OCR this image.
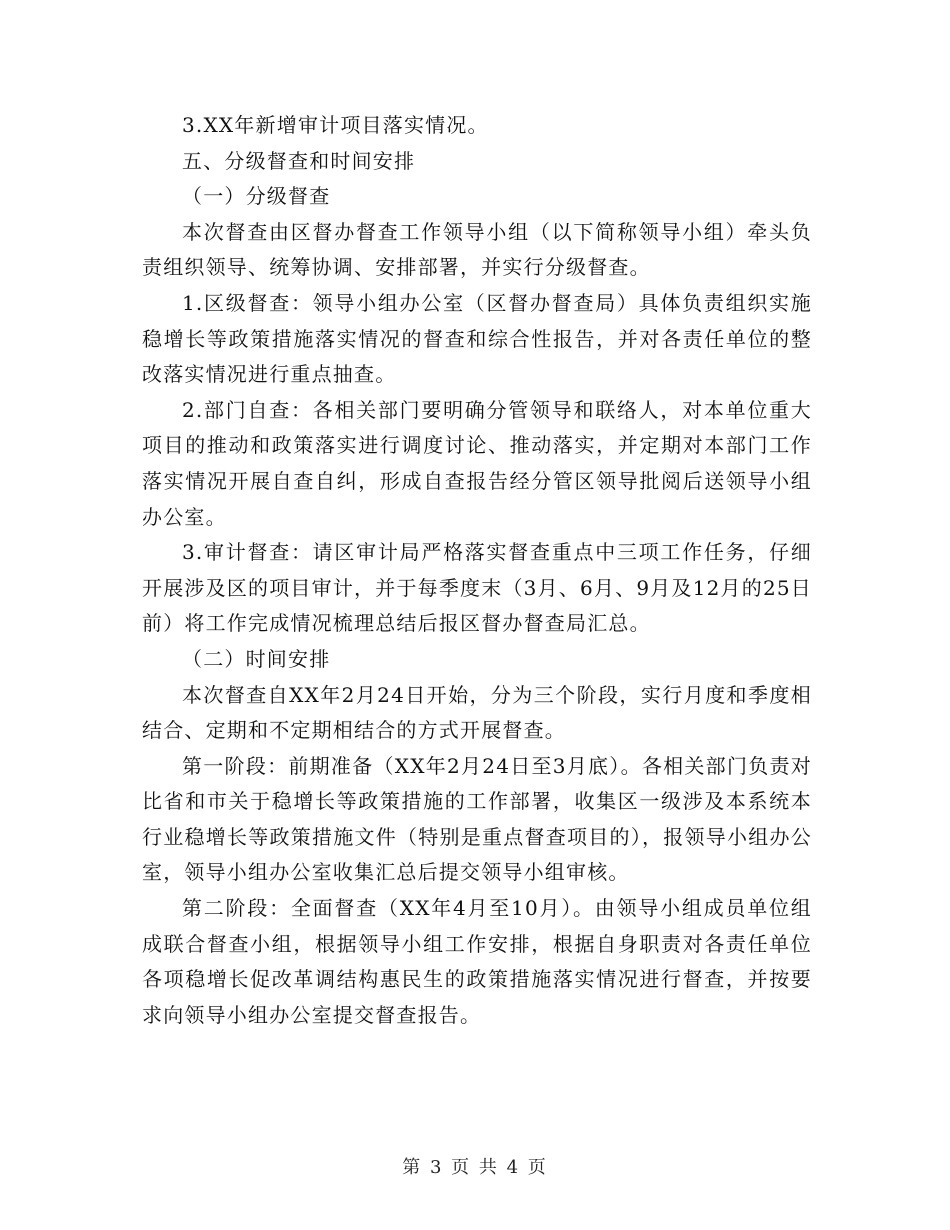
3.XX年新增审计项目落实情况。

五、分级督查和时间安排

（一）分级督查

本次督查由区督办督查工作领导小组（以下简称领导小组）牵头负责组织领导、统筹协调、安排部署，并实行分级督查。

1.区级督查：领导小组办公室（区督办督查局）具体负责组织实施稳增长等政策措施落实情况的督查和综合性报告，并对各责任单位的整改落实情况进行重点抽查。

2.部门自查：各相关部门要明确分管领导和联络人，对本单位重大项目的推动和政策落实进行调度讨论、推动落实，并定期对本部门工作落实情况开展自查自纠，形成自查报告经分管区领导批阅后送领导小组办公室。

3.审计督查：请区审计局严格落实督查重点中三项工作任务，仔细开展涉及区的项目审计，并于每季度末（3月、6月、9月及12月的25日前）将工作完成情况梳理总结后报区督办督查局汇总。

（二）时间安排

本次督查自XX年2月24日开始，分为三个阶段，实行月度和季度相结合、定期和不定期相结合的方式开展督查。

第一阶段：前期准备（XX年2月24日至3月底）。各相关部门负责对比省和市关于稳增长等政策措施的工作部署，收集区一级涉及本系统本行业稳增长等政策措施文件（特别是重点督查项目的），报领导小组办公室，领导小组办公室收集汇总后提交领导小组审核。

第二阶段：全面督查（XX年4月至10月）。由领导小组成员单位组成联合督查小组，根据领导小组工作安排，根据自身职责对各责任单位各项稳增长促改革调结构惠民生的政策措施落实情况进行督查，并按要求向领导小组办公室提交督查报告。

第 3 页 共 4 页
